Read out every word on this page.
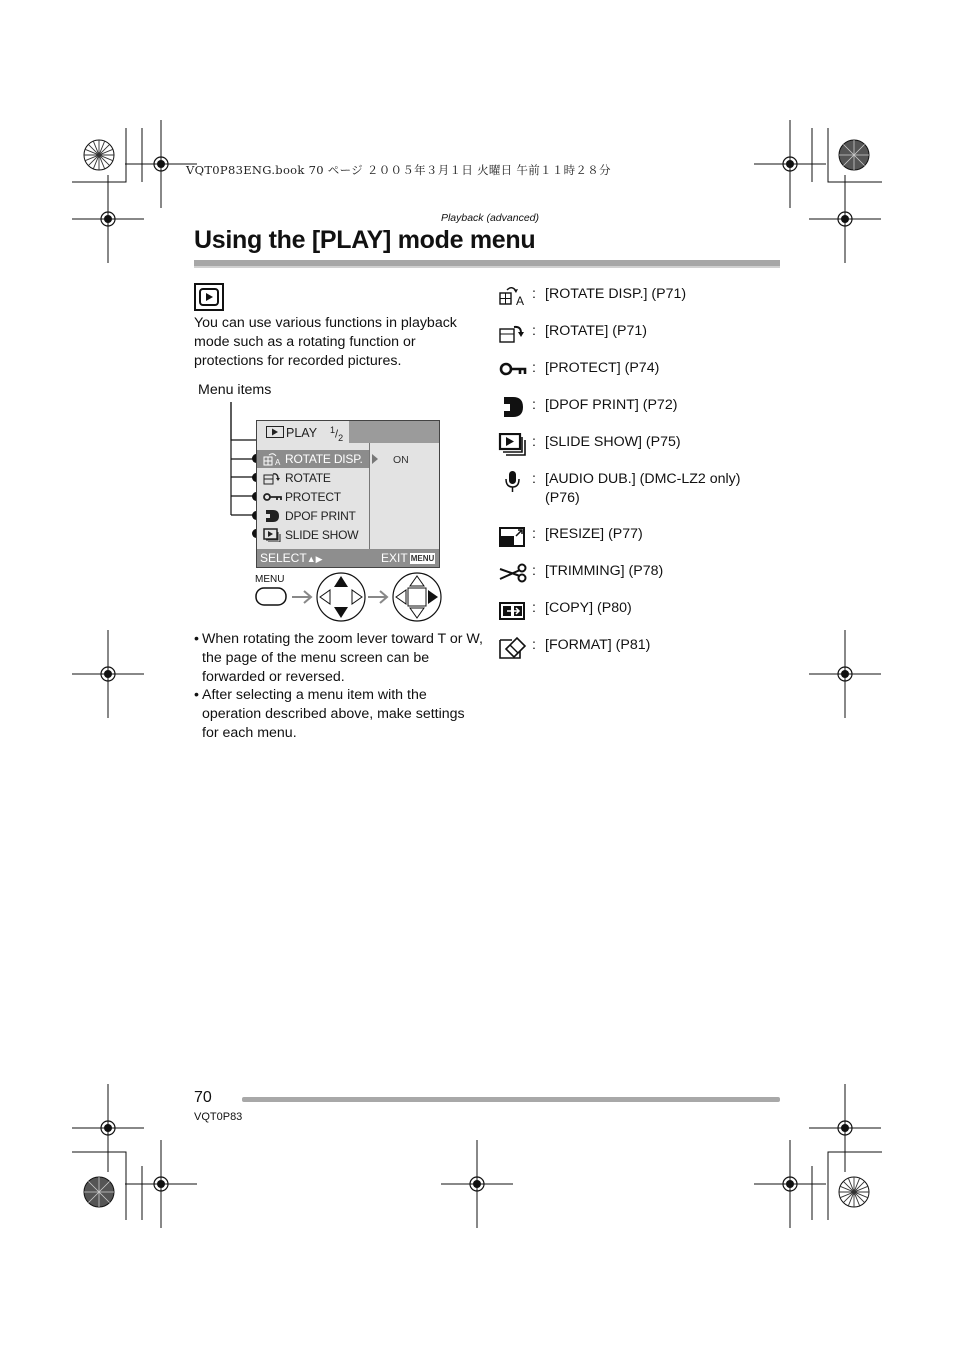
VQT0P83ENG.book 70 ページ ２００５年３月１日 火曜日 午前１１時２８分
Playback (advanced)
Using the [PLAY] mode menu

You can use various functions in playback mode such as a rotating function or protections for recorded pictures.

Menu items
PLAY $^1/_2$
A ROTATE DISP.
ROTATE
PROTECT
DPOF PRINT
SLIDE SHOW
ON
SELECT▲▶	EXIT MENU
MENU

• When rotating the zoom lever toward T or W, the page of the menu screen can be forwarded or reversed.

• After selecting a menu item with the operation described above, make settings for each menu.

A : [ROTATE DISP.] (P71)
: [ROTATE] (P71)
: [PROTECT] (P74)
: [DPOF PRINT] (P72)
: [SLIDE SHOW] (P75)
: [AUDIO DUB.] (DMC-LZ2 only) (P76)
: [RESIZE] (P77)
: [TRIMMING] (P78)
: [COPY] (P80)
: [FORMAT] (P81)
70
VQT0P83
